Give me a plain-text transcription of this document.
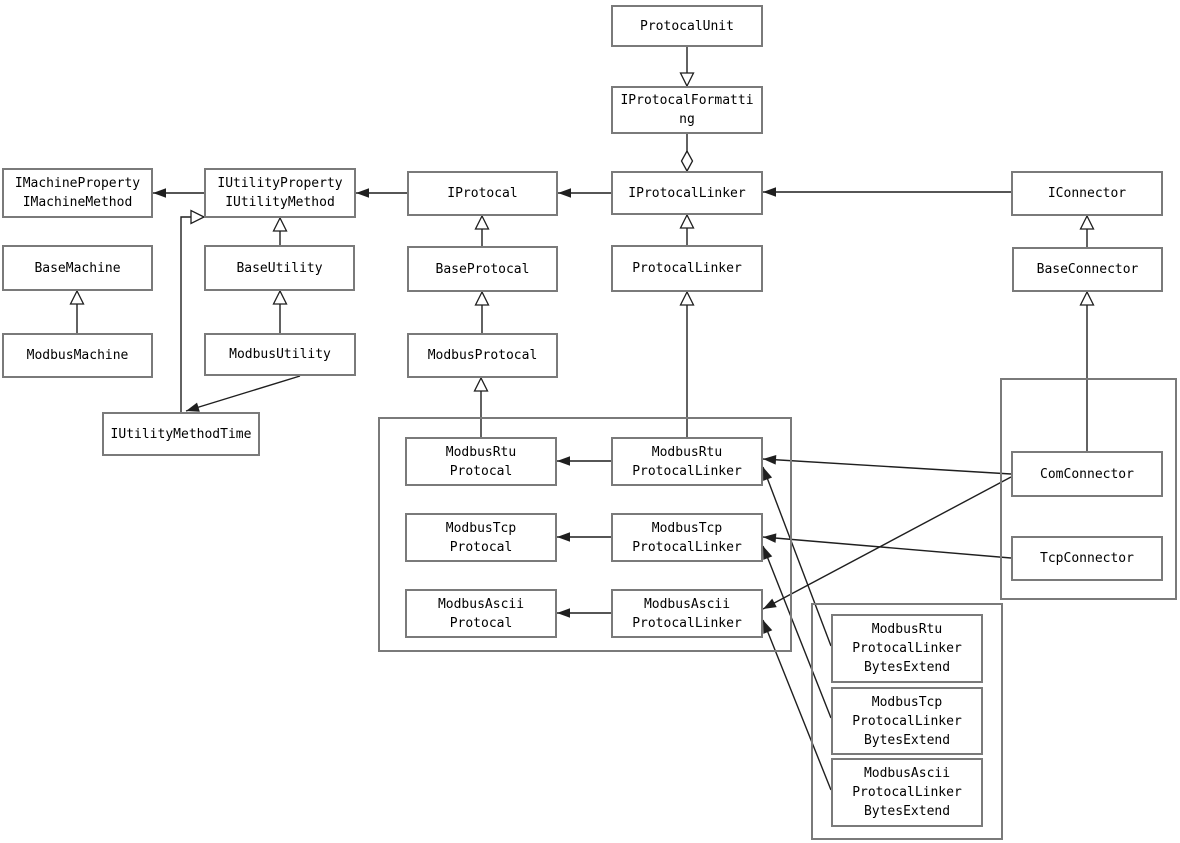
ProtocalUnit
IProtocalFormatti
ng
IProtocalLinker
ProtocalLinker
IMachineProperty
IMachineMethod
IUtilityProperty
IUtilityMethod
IProtocal	IConnector
BaseMachine	BaseUtility	BaseProtocal	BaseConnector
ModbusMachine	ModbusUtility	ModbusProtocal
IUtilityMethodTime
ModbusRtu
Protocal
ModbusRtu
ProtocalLinker
ModbusTcp
Protocal
ModbusTcp
ProtocalLinker
ModbusAscii
Protocal
ModbusAscii
ProtocalLinker
ComConnector
TcpConnector
ModbusRtu
ProtocalLinker
BytesExtend
ModbusTcp
ProtocalLinker
BytesExtend
ModbusAscii
ProtocalLinker
BytesExtend
